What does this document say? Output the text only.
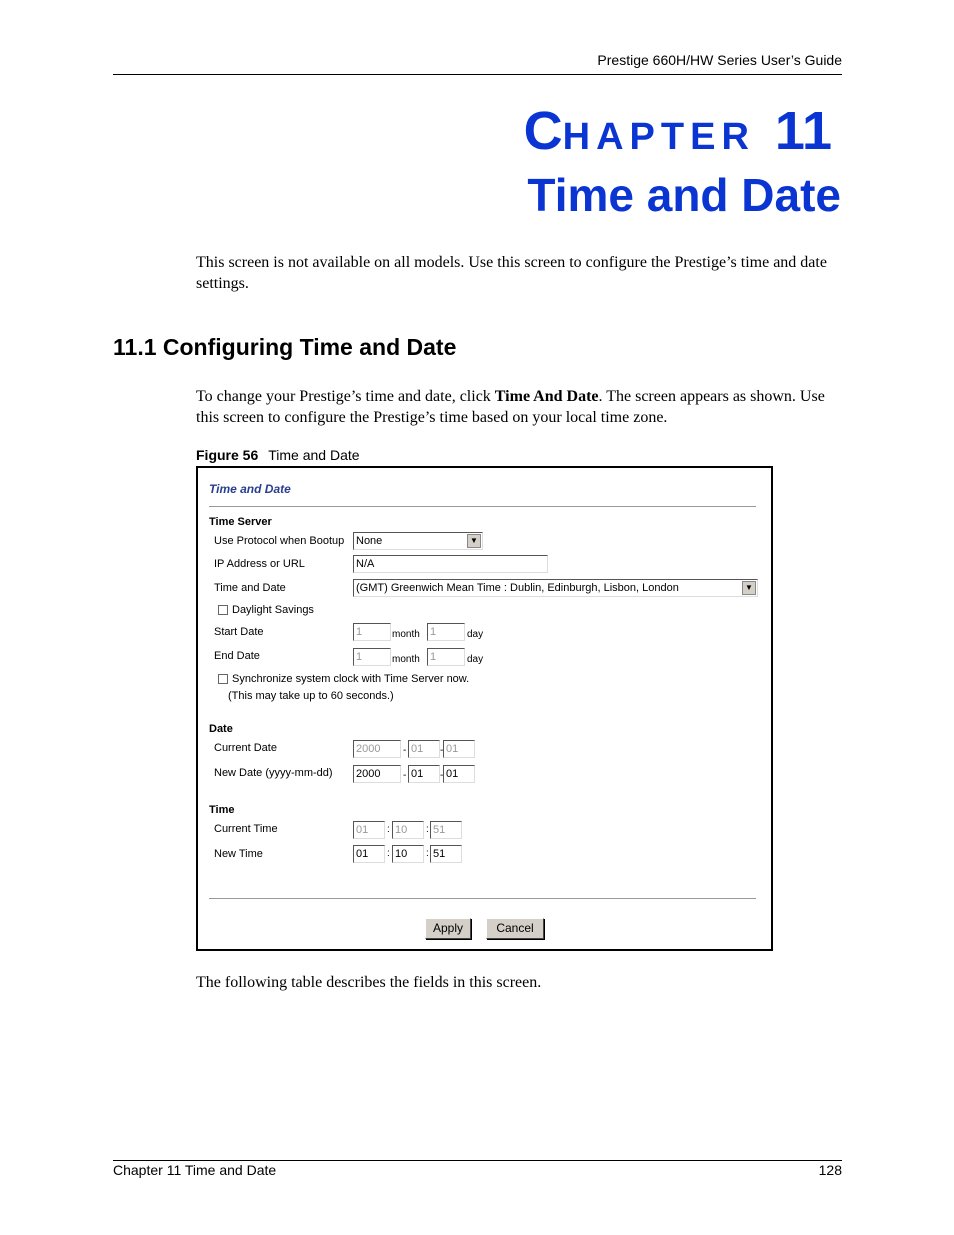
Prestige 660H/HW Series User’s Guide
CHAPTER 11
Time and Date
This screen is not available on all models. Use this screen to configure the Prestige’s time and date settings.
11.1 Configuring Time and Date
To change your Prestige’s time and date, click Time And Date. The screen appears as shown. Use this screen to configure the Prestige’s time based on your local time zone.
Figure 56 Time and Date
Time and Date
Time Server
Use Protocol when Bootup None	▼
IP Address or URL	N/A
Time and Date	(GMT) Greenwich Mean Time : Dublin, Edinburgh, Lisbon, London	▼
Daylight Savings
Start Date	1	month 1	day
End Date	1	month 1	day
Synchronize system clock with Time Server now.
(This may take up to 60 seconds.)
Date
Current Date	2000	- 01	- 01
New Date (yyyy-mm-dd) 2000	- 01	- 01
Time
Current Time	01	: 10	: 51
New Time	01	: 10	: 51
Apply	Cancel
The following table describes the fields in this screen.
Chapter 11 Time and Date	128
